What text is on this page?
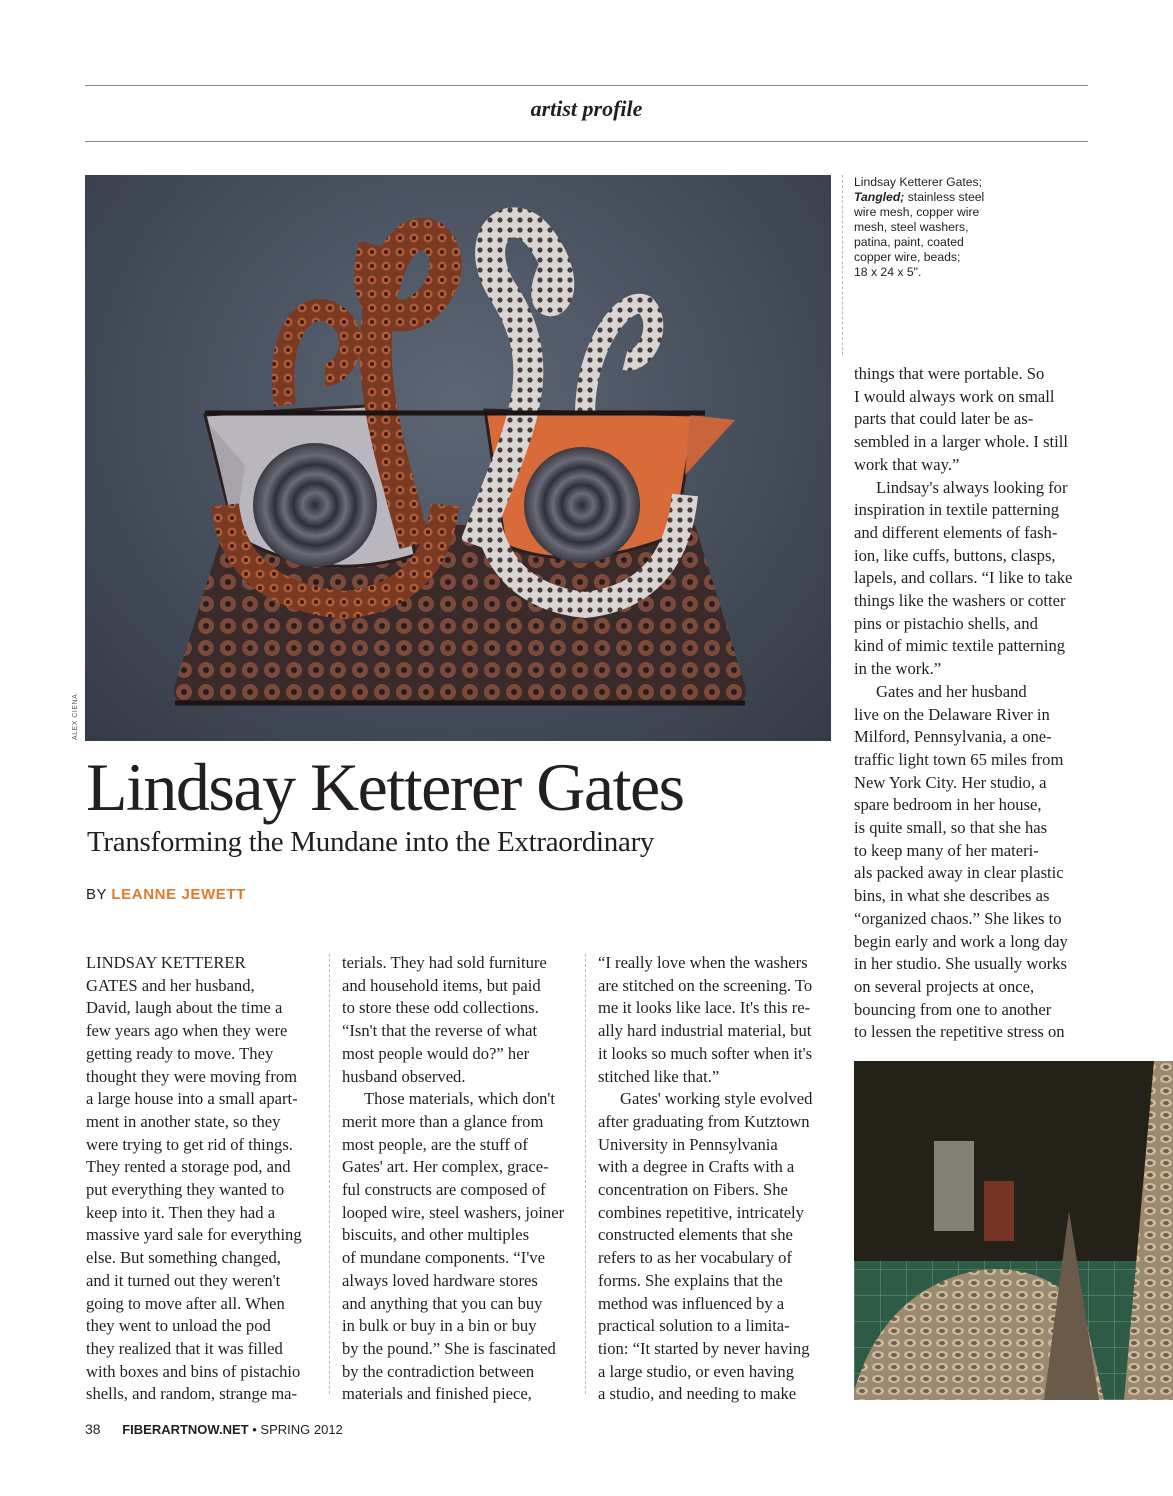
artist profile
ALEX CIENA
Lindsay Ketterer Gates;
Tangled; stainless steel
wire mesh, copper wire
mesh, steel washers,
patina, paint, coated
copper wire, beads;
18 x 24 x 5".
Lindsay Ketterer Gates
Transforming the Mundane into the Extraordinary
BY LEANNE JEWETT
LINDSAY KETTERER
GATES and her husband,
David, laugh about the time a
few years ago when they were
getting ready to move. They
thought they were moving from
a large house into a small apart-
ment in another state, so they
were trying to get rid of things.
They rented a storage pod, and
put everything they wanted to
keep into it. Then they had a
massive yard sale for everything
else. But something changed,
and it turned out they weren't
going to move after all. When
they went to unload the pod
they realized that it was filled
with boxes and bins of pistachio
shells, and random, strange ma-
terials. They had sold furniture
and household items, but paid
to store these odd collections.
“Isn't that the reverse of what
most people would do?” her
husband observed.
Those materials, which don't
merit more than a glance from
most people, are the stuff of
Gates' art. Her complex, grace-
ful constructs are composed of
looped wire, steel washers, joiner
biscuits, and other multiples
of mundane components. “I've
always loved hardware stores
and anything that you can buy
in bulk or buy in a bin or buy
by the pound.” She is fascinated
by the contradiction between
materials and finished piece,
“I really love when the washers
are stitched on the screening. To
me it looks like lace. It's this re-
ally hard industrial material, but
it looks so much softer when it's
stitched like that.”
Gates' working style evolved
after graduating from Kutztown
University in Pennsylvania
with a degree in Crafts with a
concentration on Fibers. She
combines repetitive, intricately
constructed elements that she
refers to as her vocabulary of
forms. She explains that the
method was influenced by a
practical solution to a limita-
tion: “It started by never having
a large studio, or even having
a studio, and needing to make
things that were portable. So
I would always work on small
parts that could later be as-
sembled in a larger whole. I still
work that way.”
Lindsay's always looking for
inspiration in textile patterning
and different elements of fash-
ion, like cuffs, buttons, clasps,
lapels, and collars. “I like to take
things like the washers or cotter
pins or pistachio shells, and
kind of mimic textile patterning
in the work.”
Gates and her husband
live on the Delaware River in
Milford, Pennsylvania, a one-
traffic light town 65 miles from
New York City. Her studio, a
spare bedroom in her house,
is quite small, so that she has
to keep many of her materi-
als packed away in clear plastic
bins, in what she describes as
“organized chaos.” She likes to
begin early and work a long day
in her studio. She usually works
on several projects at once,
bouncing from one to another
to lessen the repetitive stress on
38 FIBERARTNOW.NET • SPRING 2012
